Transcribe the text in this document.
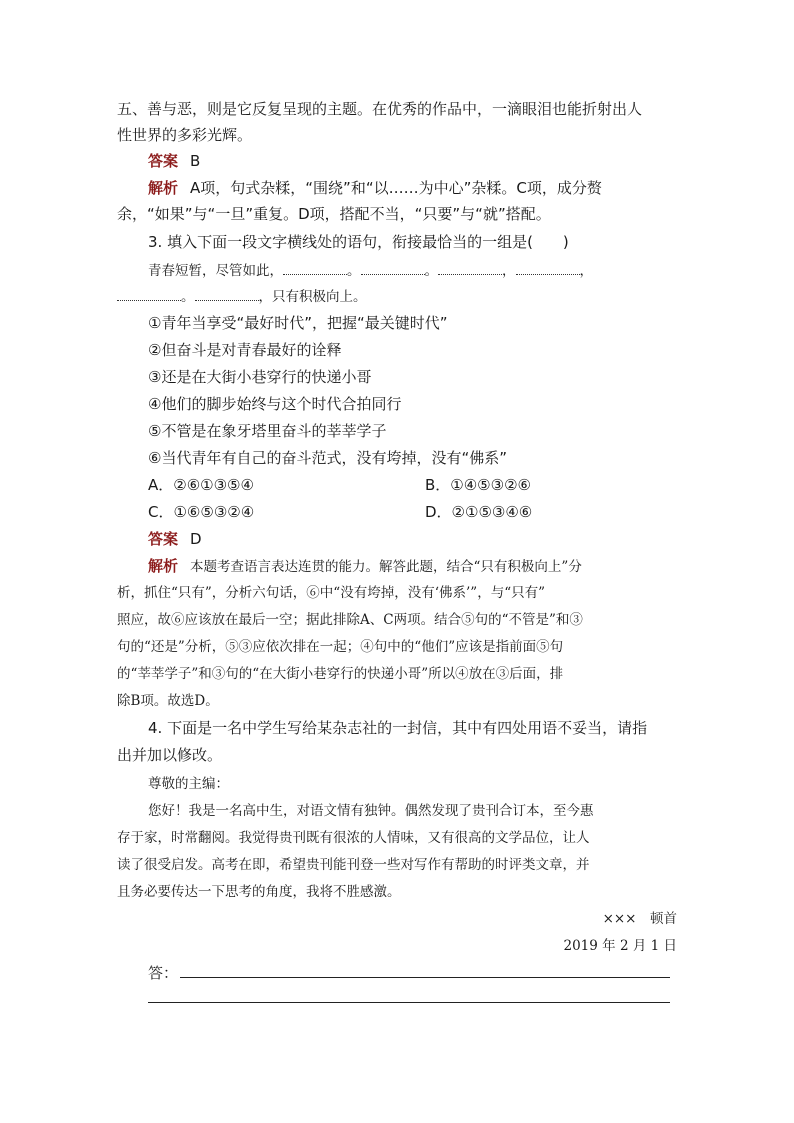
五、善与恶，则是它反复呈现的主题。在优秀的作品中，一滴眼泪也能折射出人
性世界的多彩光辉。
答案 B
解析 A项，句式杂糅，“围绕”和“以……为中心”杂糅。C项，成分赘
余，“如果”与“一旦”重复。D项，搭配不当，“只要”与“就”搭配。
3. 填入下面一段文字横线处的语句，衔接最恰当的一组是(　　)
青春短暂，尽管如此，	。	。	，	，
。	，只有积极向上。
①青年当享受“最好时代”，把握“最关键时代”
②但奋斗是对青春最好的诠释
③还是在大街小巷穿行的快递小哥
④他们的脚步始终与这个时代合拍同行
⑤不管是在象牙塔里奋斗的莘莘学子
⑥当代青年有自己的奋斗范式，没有垮掉，没有“佛系”
A．②⑥①③⑤④	B．①④⑤③②⑥
C．①⑥⑤③②④	D．②①⑤③④⑥
答案 D
解析 本题考查语言表达连贯的能力。解答此题，结合“只有积极向上”分
析，抓住“只有”，分析六句话，⑥中“没有垮掉，没有‘佛系’”，与“只有”
照应，故⑥应该放在最后一空；据此排除A、C两项。结合⑤句的“不管是”和③
句的“还是”分析，⑤③应依次排在一起；④句中的“他们”应该是指前面⑤句
的“莘莘学子”和③句的“在大街小巷穿行的快递小哥”所以④放在③后面，排
除B项。故选D。
4. 下面是一名中学生写给某杂志社的一封信，其中有四处用语不妥当，请指
出并加以修改。
尊敬的主编：
您好！我是一名高中生，对语文情有独钟。偶然发现了贵刊合订本，至今惠
存于家，时常翻阅。我觉得贵刊既有很浓的人情味，又有很高的文学品位，让人
读了很受启发。高考在即，希望贵刊能刊登一些对写作有帮助的时评类文章，并
且务必要传达一下思考的角度，我将不胜感激。
×××　顿首
2019 年 2 月 1 日
答：
